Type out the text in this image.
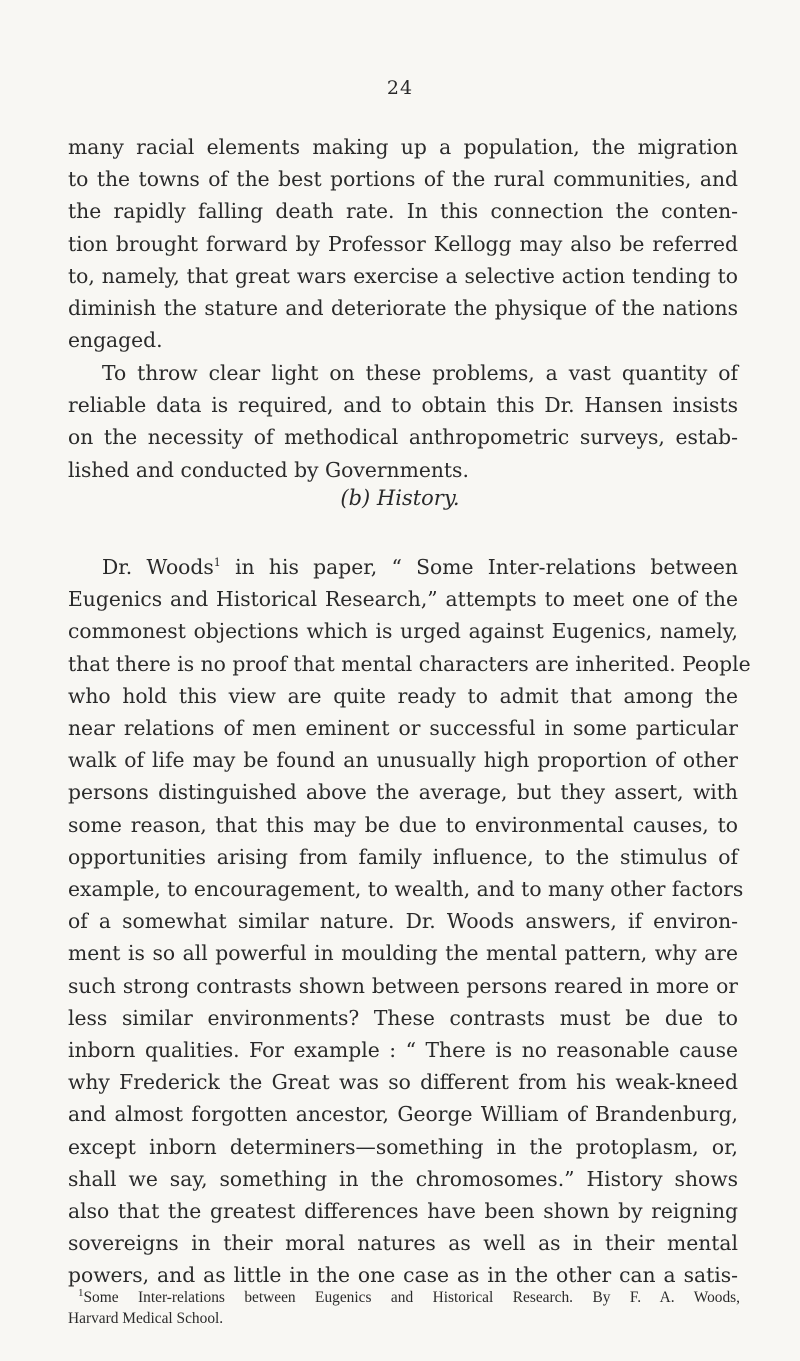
24
many racial elements making up a population, the migration
to the towns of the best portions of the rural communities, and
the rapidly falling death rate. In this connection the conten-
tion brought forward by Professor Kellogg may also be referred
to, namely, that great wars exercise a selective action tending to
diminish the stature and deteriorate the physique of the nations
engaged.
To throw clear light on these problems, a vast quantity of
reliable data is required, and to obtain this Dr. Hansen insists
on the necessity of methodical anthropometric surveys, estab-
lished and conducted by Governments.
(b) History.
Dr. Woods$^1$ in his paper, “ Some Inter-relations between
Eugenics and Historical Research,” attempts to meet one of the
commonest objections which is urged against Eugenics, namely,
that there is no proof that mental characters are inherited. People
who hold this view are quite ready to admit that among the
near relations of men eminent or successful in some particular
walk of life may be found an unusually high proportion of other
persons distinguished above the average, but they assert, with
some reason, that this may be due to environmental causes, to
opportunities arising from family influence, to the stimulus of
example, to encouragement, to wealth, and to many other factors
of a somewhat similar nature. Dr. Woods answers, if environ-
ment is so all powerful in moulding the mental pattern, why are
such strong contrasts shown between persons reared in more or
less similar environments? These contrasts must be due to
inborn qualities. For example : “ There is no reasonable cause
why Frederick the Great was so different from his weak-kneed
and almost forgotten ancestor, George William of Brandenburg,
except inborn determiners—something in the protoplasm, or,
shall we say, something in the chromosomes.” History shows
also that the greatest differences have been shown by reigning
sovereigns in their moral natures as well as in their mental
powers, and as little in the one case as in the other can a satis-
$^1$Some Inter-relations between Eugenics and Historical Research. By F. A. Woods,
Harvard Medical School.
